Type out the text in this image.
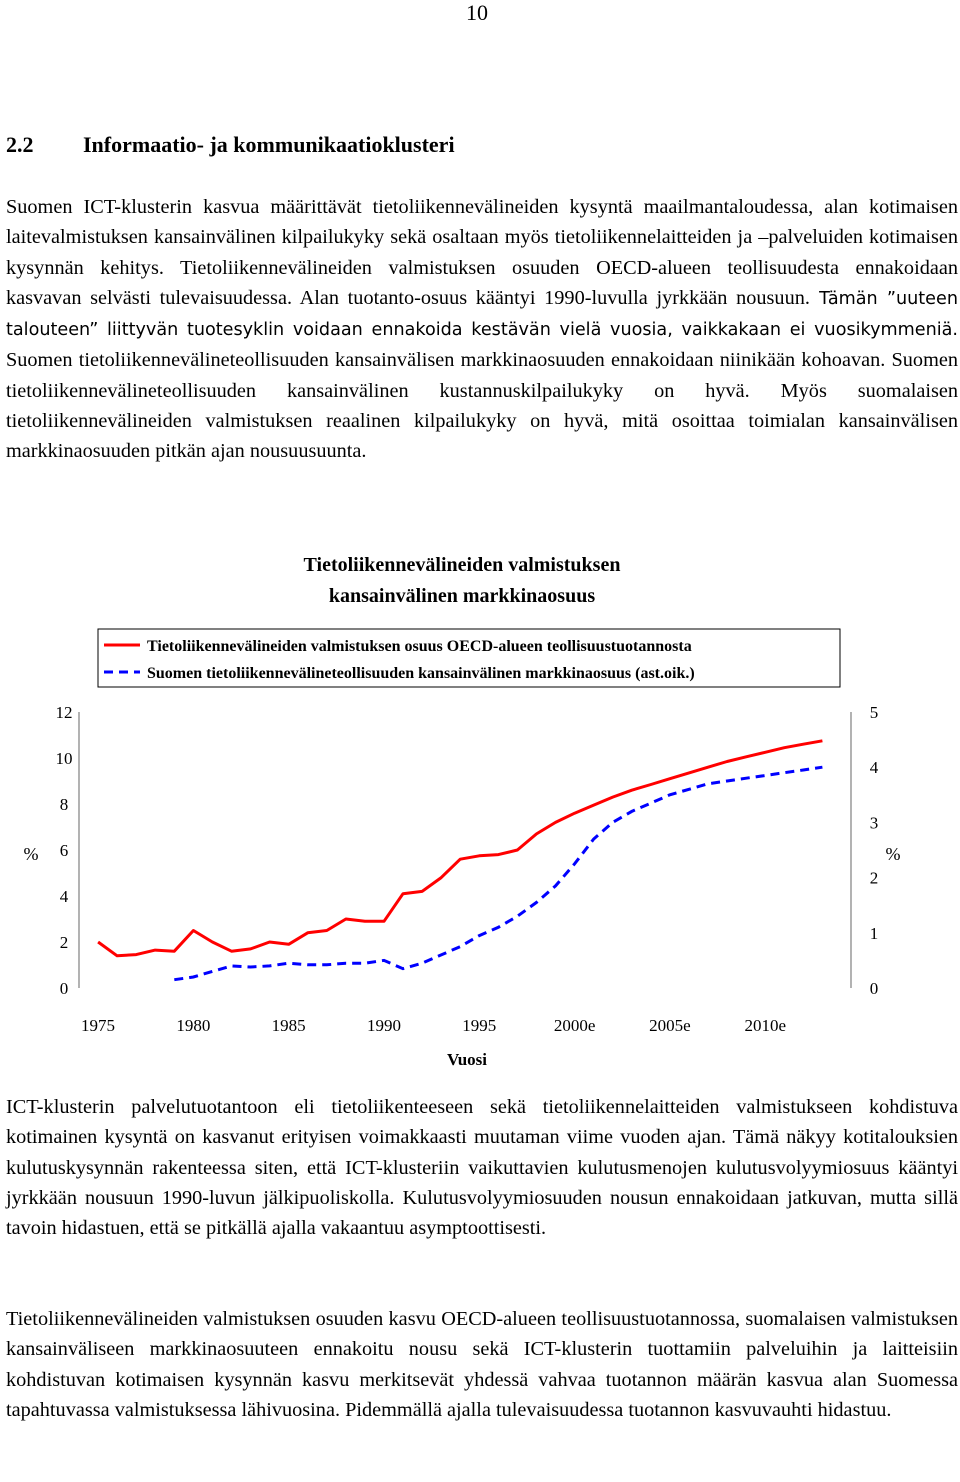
10
2.2 Informaatio- ja kommunikaatioklusteri

Suomen ICT-klusterin kasvua määrittävät tietoliikennevälineiden kysyntä maailmantaloudessa, alan kotimaisen laitevalmistuksen kansainvälinen kilpailukyky sekä osaltaan myös tietoliikennelaitteiden ja –palveluiden kotimaisen kysynnän kehitys. Tietoliikennevälineiden valmistuksen osuuden OECD-alueen teollisuudesta ennakoidaan kasvavan selvästi tulevaisuudessa. Alan tuotanto-osuus kääntyi 1990-luvulla jyrkkään nousuun. Tämän ”uuteen talouteen” liittyvän tuotesyklin voidaan ennakoida kestävän vielä vuosia, vaikkakaan ei vuosikymmeniä. Suomen tietoliikennevälineteollisuuden kansainvälisen markkinaosuuden ennakoidaan niinikään kohoavan. Suomen tietoliikennevälineteollisuuden kansainvälinen kustannuskilpailukyky on hyvä. Myös suomalaisen tietoliikennevälineiden valmistuksen reaalinen kilpailukyky on hyvä, mitä osoittaa toimialan kansainvälisen markkinaosuuden pitkän ajan nousuusuunta.

Tietoliikennevälineiden valmistuksen
kansainvälinen markkinaosuus
Tietoliikennevälineiden valmistuksen osuus OECD-alueen teollisuustuotannosta
Suomen tietoliikennevälineteollisuuden kansainvälinen markkinaosuus (ast.oik.)
0
2
4
6
8
10
12
0
1
2
3
4
5
1975	1980	1985	1990	1995	2000e	2005e	2010e
%	%
Vuosi

ICT-klusterin palvelutuotantoon eli tietoliikenteeseen sekä tietoliikennelaitteiden valmistukseen kohdistuva kotimainen kysyntä on kasvanut erityisen voimakkaasti muutaman viime vuoden ajan. Tämä näkyy kotitalouksien kulutuskysynnän rakenteessa siten, että ICT-klusteriin vaikuttavien kulutusmenojen kulutusvolyymiosuus kääntyi jyrkkään nousuun 1990-luvun jälkipuoliskolla. Kulutusvolyymiosuuden nousun ennakoidaan jatkuvan, mutta sillä tavoin hidastuen, että se pitkällä ajalla vakaantuu asymptoottisesti.

Tietoliikennevälineiden valmistuksen osuuden kasvu OECD-alueen teollisuustuotannossa, suomalaisen valmistuksen kansainväliseen markkinaosuuteen ennakoitu nousu sekä ICT-klusterin tuottamiin palveluihin ja laitteisiin kohdistuvan kotimaisen kysynnän kasvu merkitsevät yhdessä vahvaa tuotannon määrän kasvua alan Suomessa tapahtuvassa valmistuksessa lähivuosina. Pidemmällä ajalla tulevaisuudessa tuotannon kasvuvauhti hidastuu.
